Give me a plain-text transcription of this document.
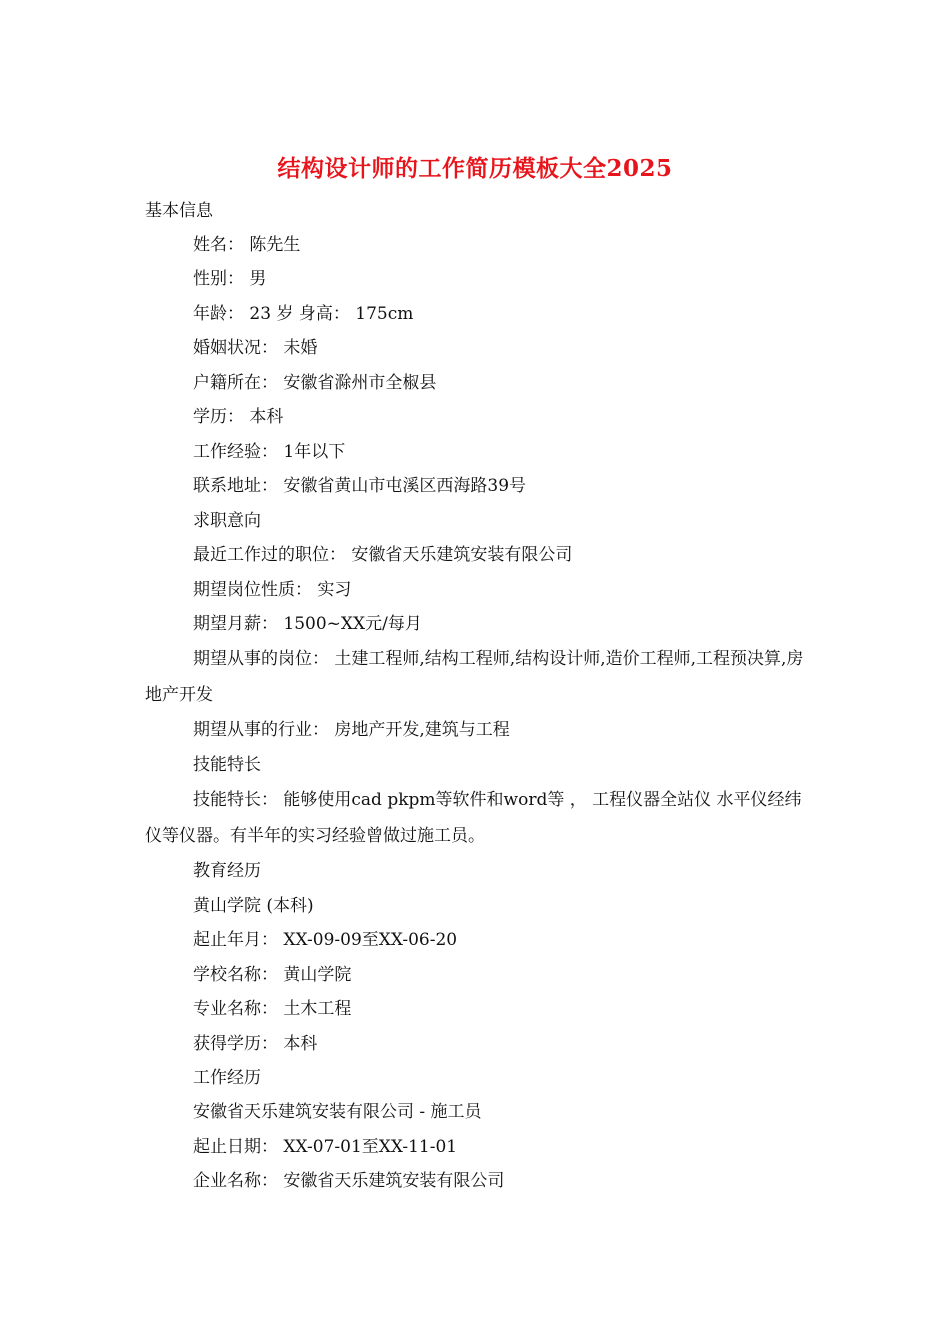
结构设计师的工作简历模板大全2025
基本信息
姓名： 陈先生
性别： 男
年龄： 23 岁 身高： 175cm
婚姻状况： 未婚
户籍所在： 安徽省滁州市全椒县
学历： 本科
工作经验： 1年以下
联系地址： 安徽省黄山市屯溪区西海路39号
求职意向
最近工作过的职位： 安徽省天乐建筑安装有限公司
期望岗位性质： 实习
期望月薪： 1500~XX元/每月
期望从事的岗位： 土建工程师,结构工程师,结构设计师,造价工程师,工程预决算,房地产开发
期望从事的行业： 房地产开发,建筑与工程
技能特长
技能特长： 能够使用cad pkpm等软件和word等 ， 工程仪器全站仪 水平仪经纬仪等仪器。有半年的实习经验曾做过施工员。
教育经历
黄山学院 (本科)
起止年月： XX-09-09至XX-06-20
学校名称： 黄山学院
专业名称： 土木工程
获得学历： 本科
工作经历
安徽省天乐建筑安装有限公司 - 施工员
起止日期： XX-07-01至XX-11-01
企业名称： 安徽省天乐建筑安装有限公司
